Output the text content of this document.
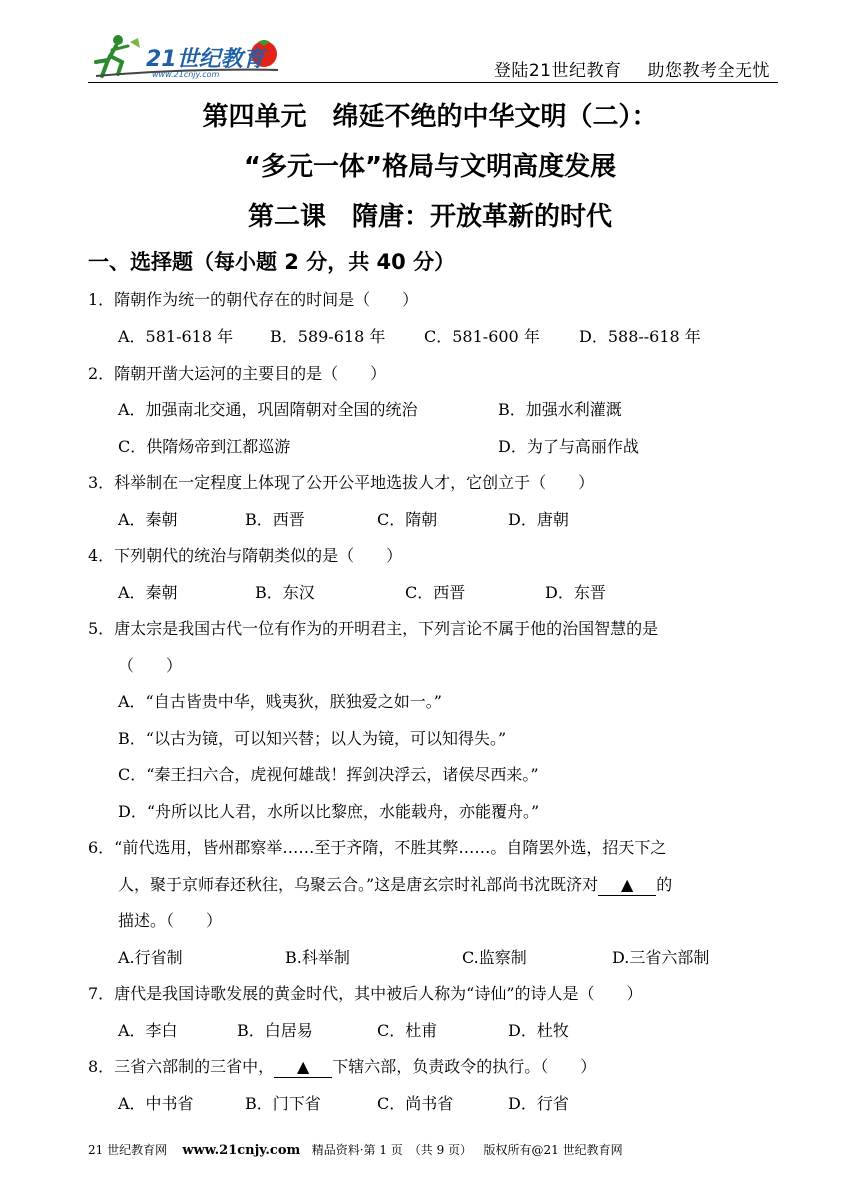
21世纪教育
www.21cnjy.com	登陆21世纪教育 助您教考全无忧
第四单元　绵延不绝的中华文明（二）：
“多元一体”格局与文明高度发展
第二课　隋唐：开放革新的时代
一、选择题（每小题 2 分，共 40 分）
1．隋朝作为统一的朝代存在的时间是（　　）
A．581-618 年 B．589-618 年 C．581-600 年 D．588--618 年
2．隋朝开凿大运河的主要目的是（　　）
A．加强南北交通，巩固隋朝对全国的统治	B．加强水利灌溉
C．供隋炀帝到江都巡游	D．为了与高丽作战
3．科举制在一定程度上体现了公开公平地选拔人才，它创立于（　　）
A．秦朝	B．西晋	C．隋朝	D．唐朝
4．下列朝代的统治与隋朝类似的是（　　）
A．秦朝	B．东汉	C．西晋	D．东晋
5．唐太宗是我国古代一位有作为的开明君主，下列言论不属于他的治国智慧的是
（　　）
A．“自古皆贵中华，贱夷狄，朕独爱之如一。”
B．“以古为镜，可以知兴替；以人为镜，可以知得失。”
C．“秦王扫六合，虎视何雄哉！挥剑决浮云，诸侯尽西来。”
D．“舟所以比人君，水所以比黎庶，水能载舟，亦能覆舟。”
6．“前代选用，皆州郡察举……至于齐隋，不胜其弊……。自隋罢外选，招天下之
人，聚于京师春还秋往，乌聚云合。”这是唐玄宗时礼部尚书沈既济对 ▲ 的
描述。（　　）
A.行省制	B.科举制	C.监察制	D.三省六部制
7．唐代是我国诗歌发展的黄金时代，其中被后人称为“诗仙”的诗人是（　　）
A．李白	B．白居易	C．杜甫	D．杜牧
8．三省六部制的三省中， ▲ 下辖六部，负责政令的执行。（　　）
A．中书省	B．门下省	C．尚书省	D．行省
21 世纪教育网 www.21cnjy.com 精品资料·第 1 页　（共 9 页） 版权所有@21 世纪教育网
